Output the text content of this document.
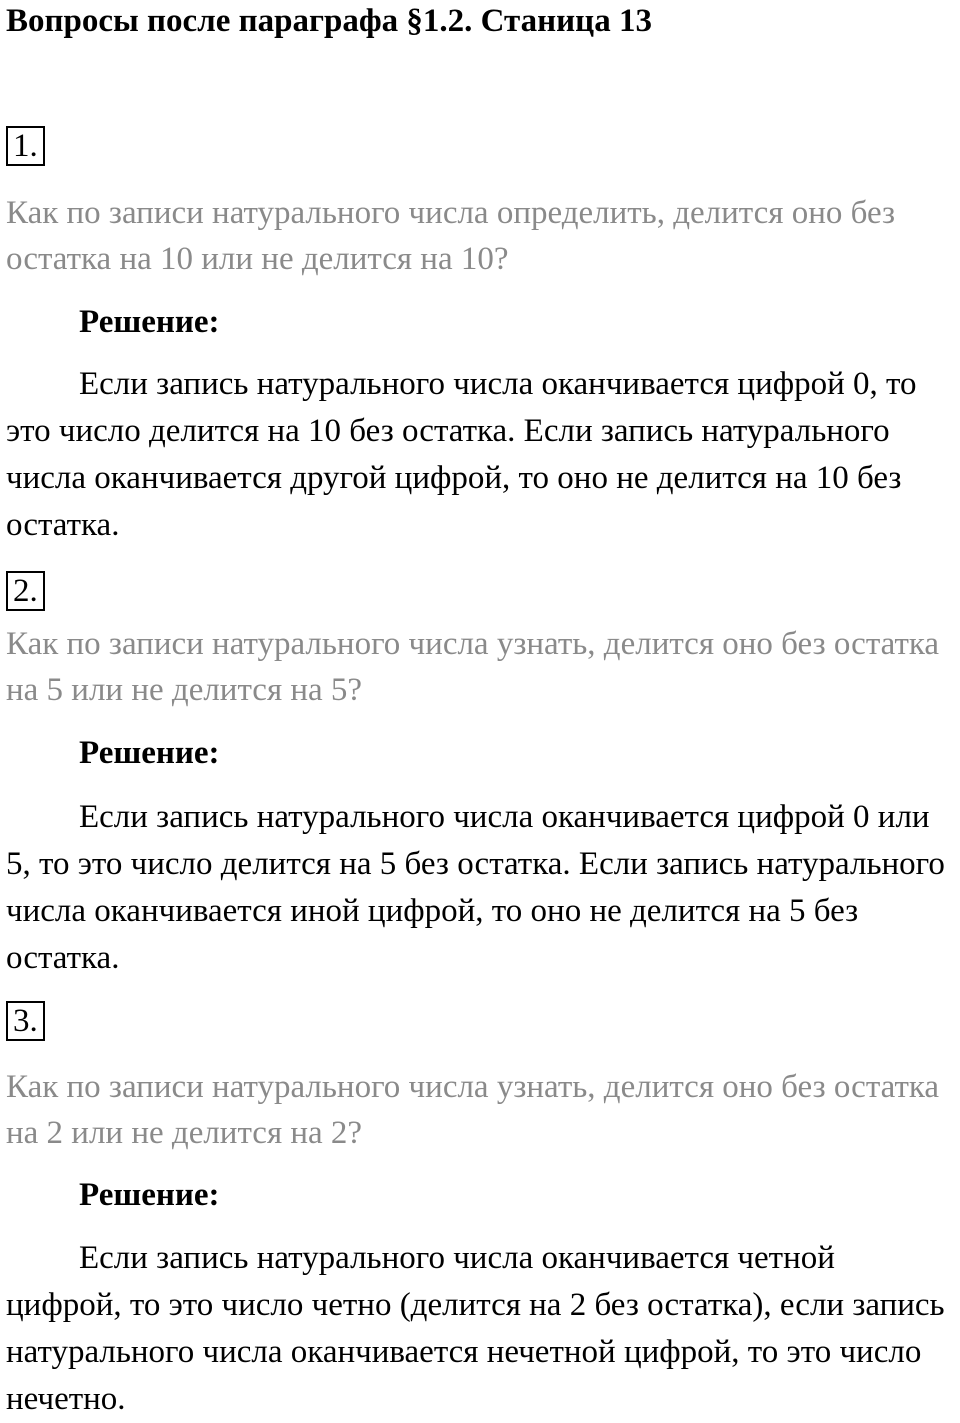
Вопросы после параграфа §1.2. Станица 13
1.

Как по записи натурального числа определить, делится оно без остатка на 10 или не делится на 10?

Решение:

Если запись натурального числа оканчивается цифрой 0, то это число делится на 10 без остатка. Если запись натурального числа оканчивается другой цифрой, то оно не делится на 10 без остатка.

2.

Как по записи натурального числа узнать, делится оно без остатка на 5 или не делится на 5?

Решение:

Если запись натурального числа оканчивается цифрой 0 или 5, то это число делится на 5 без остатка. Если запись натурального числа оканчивается иной цифрой, то оно не делится на 5 без остатка.

3.

Как по записи натурального числа узнать, делится оно без остатка на 2 или не делится на 2?

Решение:

Если запись натурального числа оканчивается четной цифрой, то это число четно (делится на 2 без остатка), если запись натурального числа оканчивается нечетной цифрой, то это число нечетно.
